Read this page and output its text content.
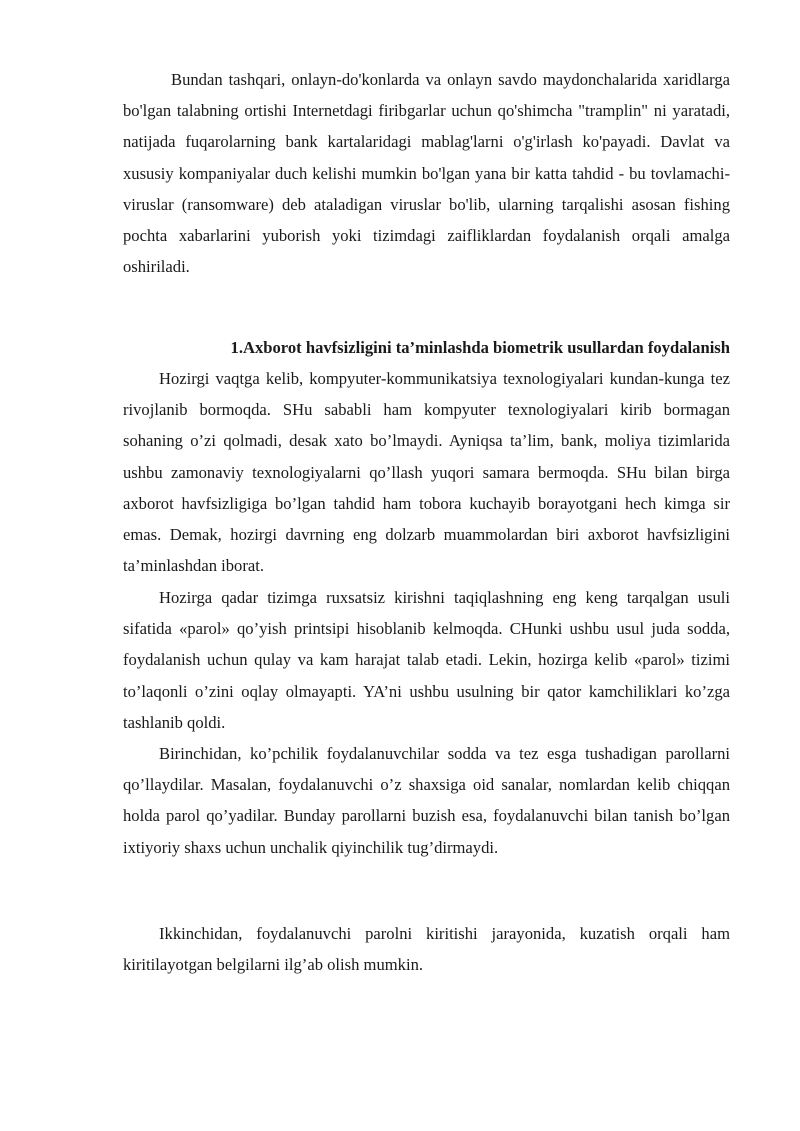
Bundan tashqari, onlayn-do'konlarda va onlayn savdo maydonchalarida xaridlarga bo'lgan talabning ortishi Internetdagi firibgarlar uchun qo'shimcha "tramplin" ni yaratadi, natijada fuqarolarning bank kartalaridagi mablag'larni o'g'irlash ko'payadi. Davlat va xususiy kompaniyalar duch kelishi mumkin bo'lgan yana bir katta tahdid - bu tovlamachi-viruslar (ransomware) deb ataladigan viruslar bo'lib, ularning tarqalishi asosan fishing pochta xabarlarini yuborish yoki tizimdagi zaifliklardan foydalanish orqali amalga oshiriladi.

1.Axborot havfsizligini ta’minlashda biometrik usullardan foydalanish

Hozirgi vaqtga kelib, kompyuter-kommunikatsiya texnologiyalari kundan-kunga tez rivojlanib bormoqda. SHu sababli ham kompyuter texnologiyalari kirib bormagan sohaning o’zi qolmadi, desak xato bo’lmaydi. Ayniqsa ta’lim, bank, moliya tizimlarida ushbu zamonaviy texnologiyalarni qo’llash yuqori samara bermoqda. SHu bilan birga axborot havfsizligiga bo’lgan tahdid ham tobora kuchayib borayotgani hech kimga sir emas. Demak, hozirgi davrning eng dolzarb muammolardan biri axborot havfsizligini ta’minlashdan iborat.

Hozirga qadar tizimga ruxsatsiz kirishni taqiqlashning eng keng tarqalgan usuli sifatida «parol» qo’yish printsipi hisoblanib kelmoqda. CHunki ushbu usul juda sodda, foydalanish uchun qulay va kam harajat talab etadi. Lekin, hozirga kelib «parol» tizimi to’laqonli o’zini oqlay olmayapti. YA’ni ushbu usulning bir qator kamchiliklari ko’zga tashlanib qoldi.

Birinchidan, ko’pchilik foydalanuvchilar sodda va tez esga tushadigan parollarni qo’llaydilar. Masalan, foydalanuvchi o’z shaxsiga oid sanalar, nomlardan kelib chiqqan holda parol qo’yadilar. Bunday parollarni buzish esa, foydalanuvchi bilan tanish bo’lgan ixtiyoriy shaxs uchun unchalik qiyinchilik tug’dirmaydi.

Ikkinchidan, foydalanuvchi parolni kiritishi jarayonida, kuzatish orqali ham kiritilayotgan belgilarni ilg’ab olish mumkin.
